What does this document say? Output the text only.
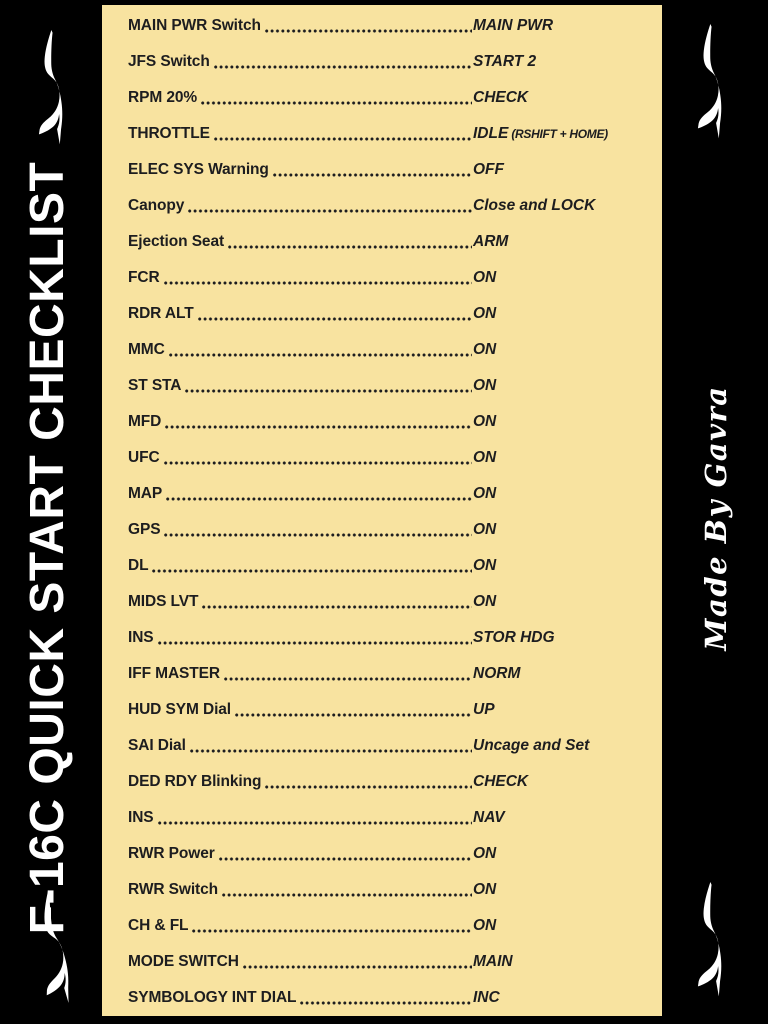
MAIN PWR Switch	MAIN PWR
JFS Switch	START 2
RPM 20%	CHECK
THROTTLE	IDLE (RSHIFT + HOME)
ELEC SYS Warning	OFF
Canopy	Close and LOCK
Ejection Seat	ARM
FCR	ON
RDR ALT	ON
MMC	ON
ST STA	ON
MFD	ON
UFC	ON
MAP	ON
GPS	ON
DL	ON
MIDS LVT	ON
INS	STOR HDG
IFF MASTER	NORM
HUD SYM Dial	UP
SAI Dial	Uncage and Set
DED RDY Blinking	CHECK
INS	NAV
RWR Power	ON
RWR Switch	ON
CH & FL	ON
MODE SWITCH	MAIN
SYMBOLOGY INT DIAL	INC
F-16C QUICK START CHECKLIST	Made By Gavra
